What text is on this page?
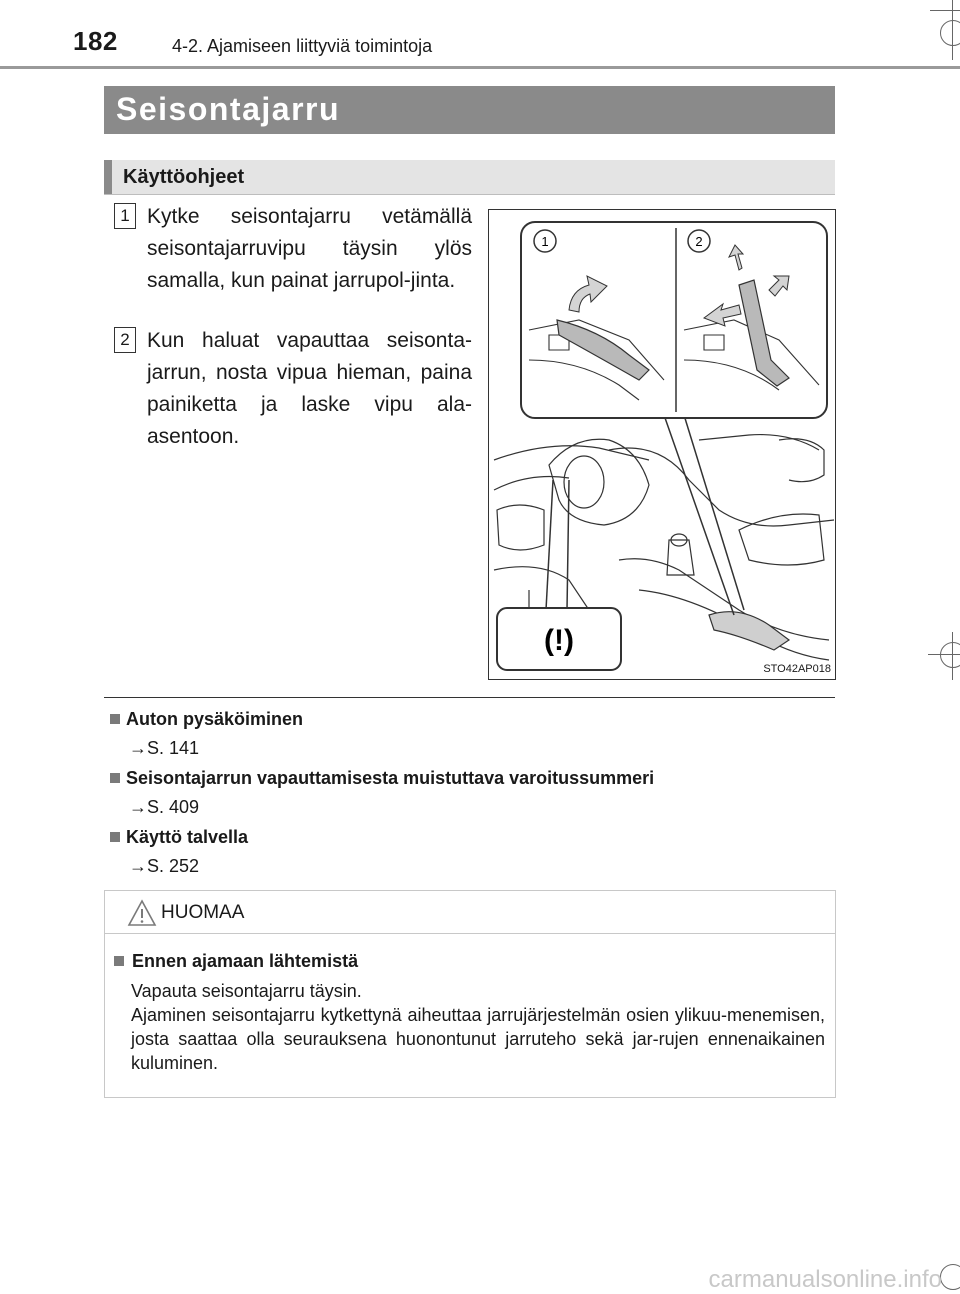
182	4-2. Ajamiseen liittyviä toimintoja
Seisontajarru
Käyttöohjeet
1 Kytke seisontajarru vetämällä seisontajarruvipu täysin ylös samalla, kun painat jarrupol-jinta.
2 Kun haluat vapauttaa seisonta-jarrun, nosta vipua hieman, paina painiketta ja laske vipu ala-asentoon.
1	2
(!)
STO42AP018
Auton pysäköiminen
→S. 141
Seisontajarrun vapauttamisesta muistuttava varoitussummeri
→S. 409
Käyttö talvella
→S. 252
HUOMAA
Ennen ajamaan lähtemistä

Vapauta seisontajarru täysin.

Ajaminen seisontajarru kytkettynä aiheuttaa jarrujärjestelmän osien ylikuu-menemisen, josta saattaa olla seurauksena huonontunut jarruteho sekä jar-rujen ennenaikainen kuluminen.

carmanualsonline.info
